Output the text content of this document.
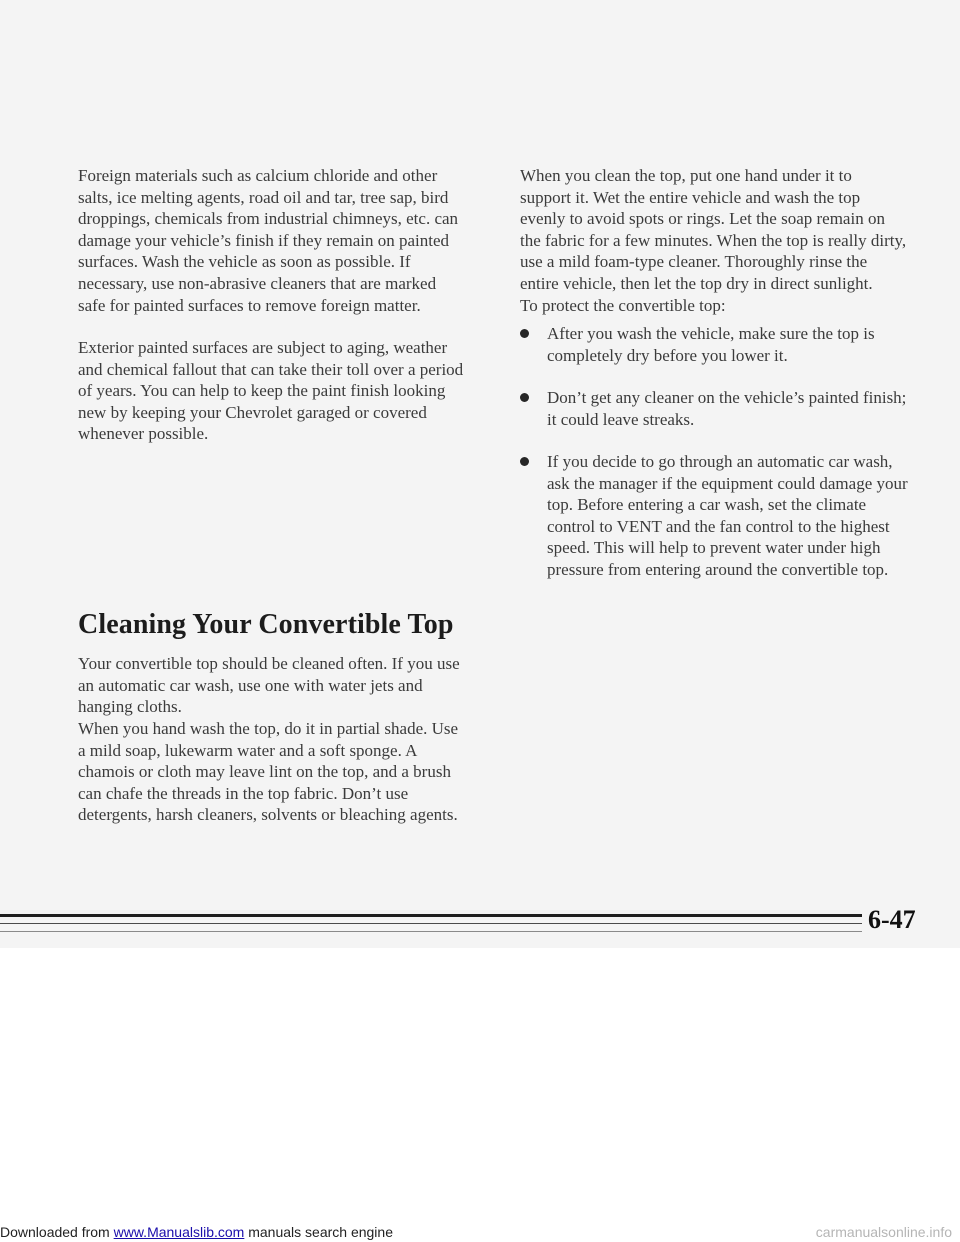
Foreign materials such as calcium chloride and other
salts, ice melting agents, road oil and tar, tree sap, bird
droppings, chemicals from industrial chimneys, etc. can
damage your vehicle’s finish if they remain on painted
surfaces. Wash the vehicle as soon as possible. If
necessary, use non-abrasive cleaners that are marked
safe for painted surfaces to remove foreign matter.

Exterior painted surfaces are subject to aging, weather
and chemical fallout that can take their toll over a period
of years. You can help to keep the paint finish looking
new by keeping your Chevrolet garaged or covered
whenever possible.

Cleaning Your Convertible Top

Your convertible top should be cleaned often. If you use
an automatic car wash, use one with water jets and
hanging cloths.

When you hand wash the top, do it in partial shade. Use
a mild soap, lukewarm water and a soft sponge. A
chamois or cloth may leave lint on the top, and a brush
can chafe the threads in the top fabric. Don’t use
detergents, harsh cleaners, solvents or bleaching agents.

When you clean the top, put one hand under it to
support it. Wet the entire vehicle and wash the top
evenly to avoid spots or rings. Let the soap remain on
the fabric for a few minutes. When the top is really dirty,
use a mild foam-type cleaner. Thoroughly rinse the
entire vehicle, then let the top dry in direct sunlight.

To protect the convertible top:

After you wash the vehicle, make sure the top is
completely dry before you lower it.

Don’t get any cleaner on the vehicle’s painted finish;
it could leave streaks.

If you decide to go through an automatic car wash,
ask the manager if the equipment could damage your
top. Before entering a car wash, set the climate
control to VENT and the fan control to the highest
speed. This will help to prevent water under high
pressure from entering around the convertible top.

6-47
Downloaded from www.Manualslib.com manuals search engine	carmanualsonline.info
